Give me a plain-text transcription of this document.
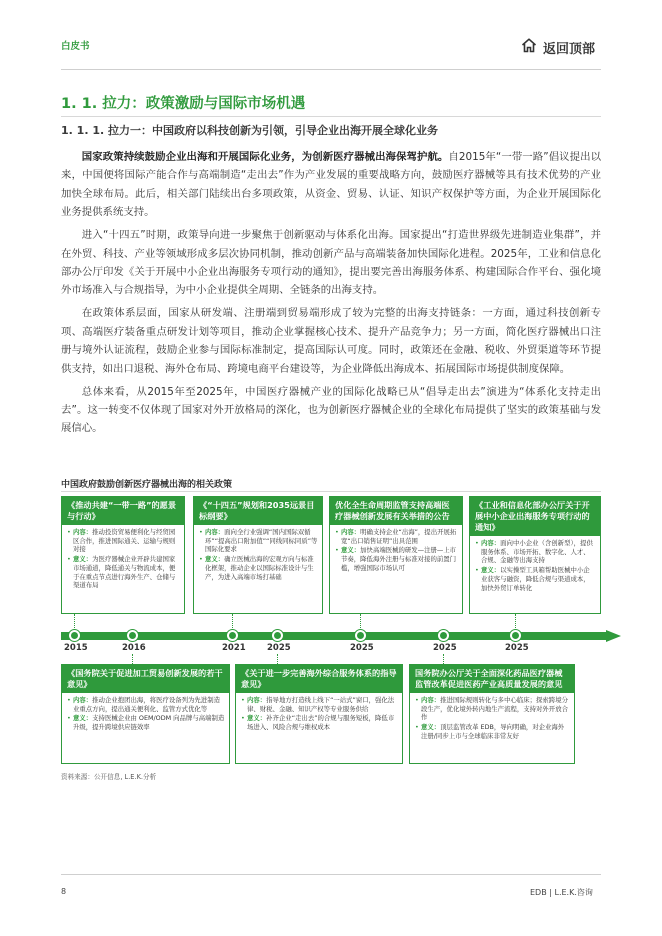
白皮书	返回顶部
1. 1. 拉力：政策激励与国际市场机遇
1. 1. 1. 拉力一：中国政府以科技创新为引领，引导企业出海开展全球化业务

国家政策持续鼓励企业出海和开展国际化业务，为创新医疗器械出海保驾护航。自2015年“一带一路”倡议提出以来，中国便将国际产能合作与高端制造“走出去”作为产业发展的重要战略方向，鼓励医疗器械等具有技术优势的产业加快全球布局。此后，相关部门陆续出台多项政策，从资金、贸易、认证、知识产权保护等方面，为企业开展国际化业务提供系统支持。

进入“十四五”时期，政策导向进一步聚焦于创新驱动与体系化出海。国家提出“打造世界级先进制造业集群”，并在外贸、科技、产业等领域形成多层次协同机制，推动创新产品与高端装备加快国际化进程。2025年，工业和信息化部办公厅印发《关于开展中小企业出海服务专项行动的通知》，提出要完善出海服务体系、构建国际合作平台、强化境外市场准入与合规指导，为中小企业提供全周期、全链条的出海支持。

在政策体系层面，国家从研发端、注册端到贸易端形成了较为完整的出海支持链条：一方面，通过科技创新专项、高端医疗装备重点研发计划等项目，推动企业掌握核心技术、提升产品竞争力；另一方面，简化医疗器械出口注册与境外认证流程，鼓励企业参与国际标准制定，提高国际认可度。同时，政策还在金融、税收、外贸渠道等环节提供支持，如出口退税、海外仓布局、跨境电商平台建设等，为企业降低出海成本、拓展国际市场提供制度保障。

总体来看，从2015年至2025年，中国医疗器械产业的国际化战略已从“倡导走出去”演进为“体系化支持走出去”。这一转变不仅体现了国家对外开放格局的深化，也为创新医疗器械企业的全球化布局提供了坚实的政策基础与发展信心。

中国政府鼓励创新医疗器械出海的相关政策
《推动共建“一带一路”的愿景与行动》
• 内容：推动投资贸易便利化与经贸园区合作，推进国际通关、运输与规则对接
• 意义：为医疗器械企业开辟共建国家市场通道，降低通关与物流成本，便于在重点节点进行海外生产、仓储与渠道布局
《“十四五”规划和2035远景目标纲要》
• 内容：面向全行业强调“国内国际双循环”“提高出口附加值”“同线同标同质”等国际化要求
• 意义：确立医械出海的宏观方向与标准化框架，推动企业以国际标准设计与生产，为进入高端市场打基础
优化全生命周期监管支持高端医疗器械创新发展有关举措的公告
• 内容：明确支持企业“出海”，提出开展拓宽“出口销售证明”出具范围
• 意义：加快高端医械的研发—注册—上市节奏，降低海外注册与标准对接的前置门槛，增强国际市场认可
《工业和信息化部办公厅关于开展中小企业出海服务专项行动的通知》
• 内容：面向中小企业（含创新型），提供服务体系、市场开拓、数字化、人才、合规、金融等出海支持
• 意义：以实操型工具箱帮助医械中小企业获客与融资，降低合规与渠道成本，加快外贸订单转化
2015	2016	2021	2025	2025	2025	2025
《国务院关于促进加工贸易创新发展的若干意见》
• 内容：推动企业抱团出海，将医疗设备列为先进制造业重点方向，提出通关便利化、监管方式优化等
• 意义：支持医械企业由 OEM/ODM 向品牌与高端制造升级，提升跨境供应链效率
《关于进一步完善海外综合服务体系的指导意见》
• 内容：指导地方打造线上线下“一站式”窗口，强化法律、财税、金融、知识产权等专业服务供给
• 意义：补齐企业“走出去”的合规与服务短板，降低市场进入、风险合规与维权成本
国务院办公厅关于全面深化药品医疗器械监管改革促进医药产业高质量发展的意见
• 内容：推进国际规则转化与多中心临床；探索跨境分段生产，优化境外转内地生产流程，支持对外开放合作
• 意义：顶层监管改革 EDB，导向明确，对企业海外注册/同步上市与全球临床非常友好
资料来源：公开信息, L.E.K.分析
8	EDB | L.E.K.咨询
